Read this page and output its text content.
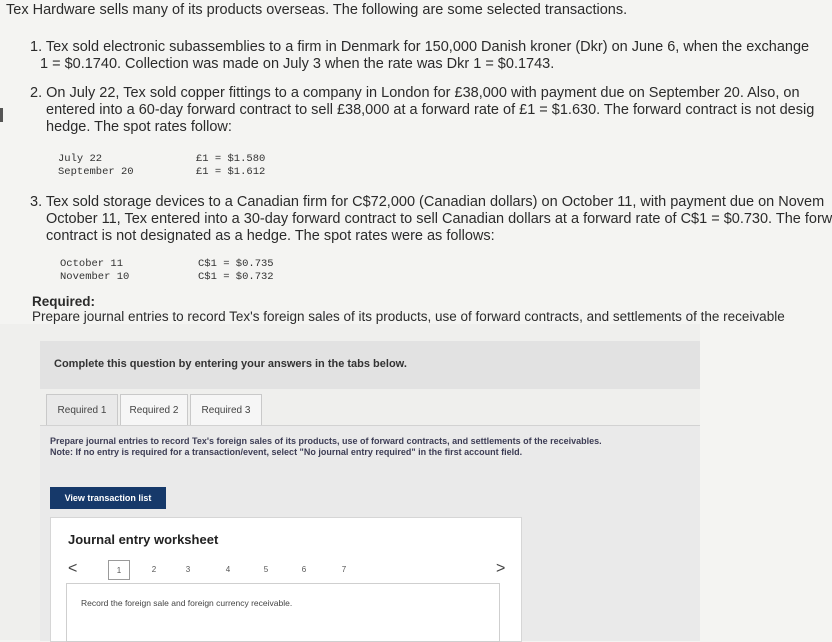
Tex Hardware sells many of its products overseas. The following are some selected transactions.
1. Tex sold electronic subassemblies to a firm in Denmark for 150,000 Danish kroner (Dkr) on June 6, when the exchange
1 = $0.1740. Collection was made on July 3 when the rate was Dkr 1 = $0.1743.
2. On July 22, Tex sold copper fittings to a company in London for £38,000 with payment due on September 20. Also, on
entered into a 60-day forward contract to sell £38,000 at a forward rate of £1 = $1.630. The forward contract is not desig
hedge. The spot rates follow:
July 22	£1 = $1.580
September 20	£1 = $1.612
3. Tex sold storage devices to a Canadian firm for C$72,000 (Canadian dollars) on October 11, with payment due on Novem
October 11, Tex entered into a 30-day forward contract to sell Canadian dollars at a forward rate of C$1 = $0.730. The forw
contract is not designated as a hedge. The spot rates were as follows:
October 11	C$1 = $0.735
November 10	C$1 = $0.732
Required:
Prepare journal entries to record Tex's foreign sales of its products, use of forward contracts, and settlements of the receivable
Complete this question by entering your answers in the tabs below.
Required 1 Required 2 Required 3
Prepare journal entries to record Tex's foreign sales of its products, use of forward contracts, and settlements of the receivables.
Note: If no entry is required for a transaction/event, select "No journal entry required" in the first account field.
View transaction list
Journal entry worksheet
<	1	2	3	4	5	6	7	>
Record the foreign sale and foreign currency receivable.
